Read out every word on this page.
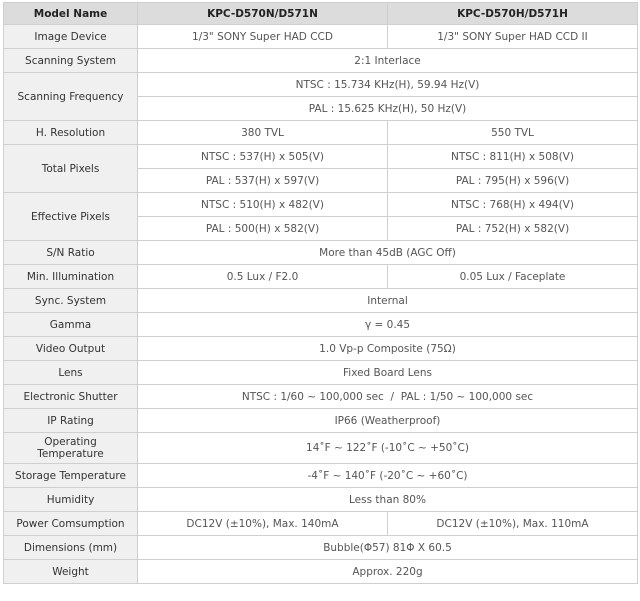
Model Name	KPC-D570N/D571N	KPC-D570H/D571H
Image Device	1/3" SONY Super HAD CCD	1/3" SONY Super HAD CCD II
Scanning System	2:1 Interlace	
Scanning Frequency	NTSC : 15.734 KHz(H), 59.94 Hz(V)	
	PAL : 15.625 KHz(H), 50 Hz(V)	
H. Resolution	380 TVL	550 TVL
Total Pixels	NTSC : 537(H) x 505(V)	NTSC : 811(H) x 508(V)
	PAL : 537(H) x 597(V)	PAL : 795(H) x 596(V)
Effective Pixels	NTSC : 510(H) x 482(V)	NTSC : 768(H) x 494(V)
	PAL : 500(H) x 582(V)	PAL : 752(H) x 582(V)
S/N Ratio	More than 45dB (AGC Off)	
Min. Illumination	0.5 Lux / F2.0	0.05 Lux / Faceplate
Sync. System	Internal	
Gamma	γ = 0.45	
Video Output	1.0 Vp-p Composite (75Ω)	
Lens	Fixed Board Lens	
Electronic Shutter	NTSC : 1/60 ~ 100,000 sec  /  PAL : 1/50 ~ 100,000 sec	
IP Rating	IP66 (Weatherproof)	
Operating Temperature	14˚F ~ 122˚F (-10˚C ~ +50˚C)	
Storage Temperature	-4˚F ~ 140˚F (-20˚C ~ +60˚C)	
Humidity	Less than 80%	
Power Comsumption	DC12V (±10%), Max. 140mA	DC12V (±10%), Max. 110mA
Dimensions (mm)	Bubble(Φ57) 81Φ X 60.5	
Weight	Approx. 220g	
